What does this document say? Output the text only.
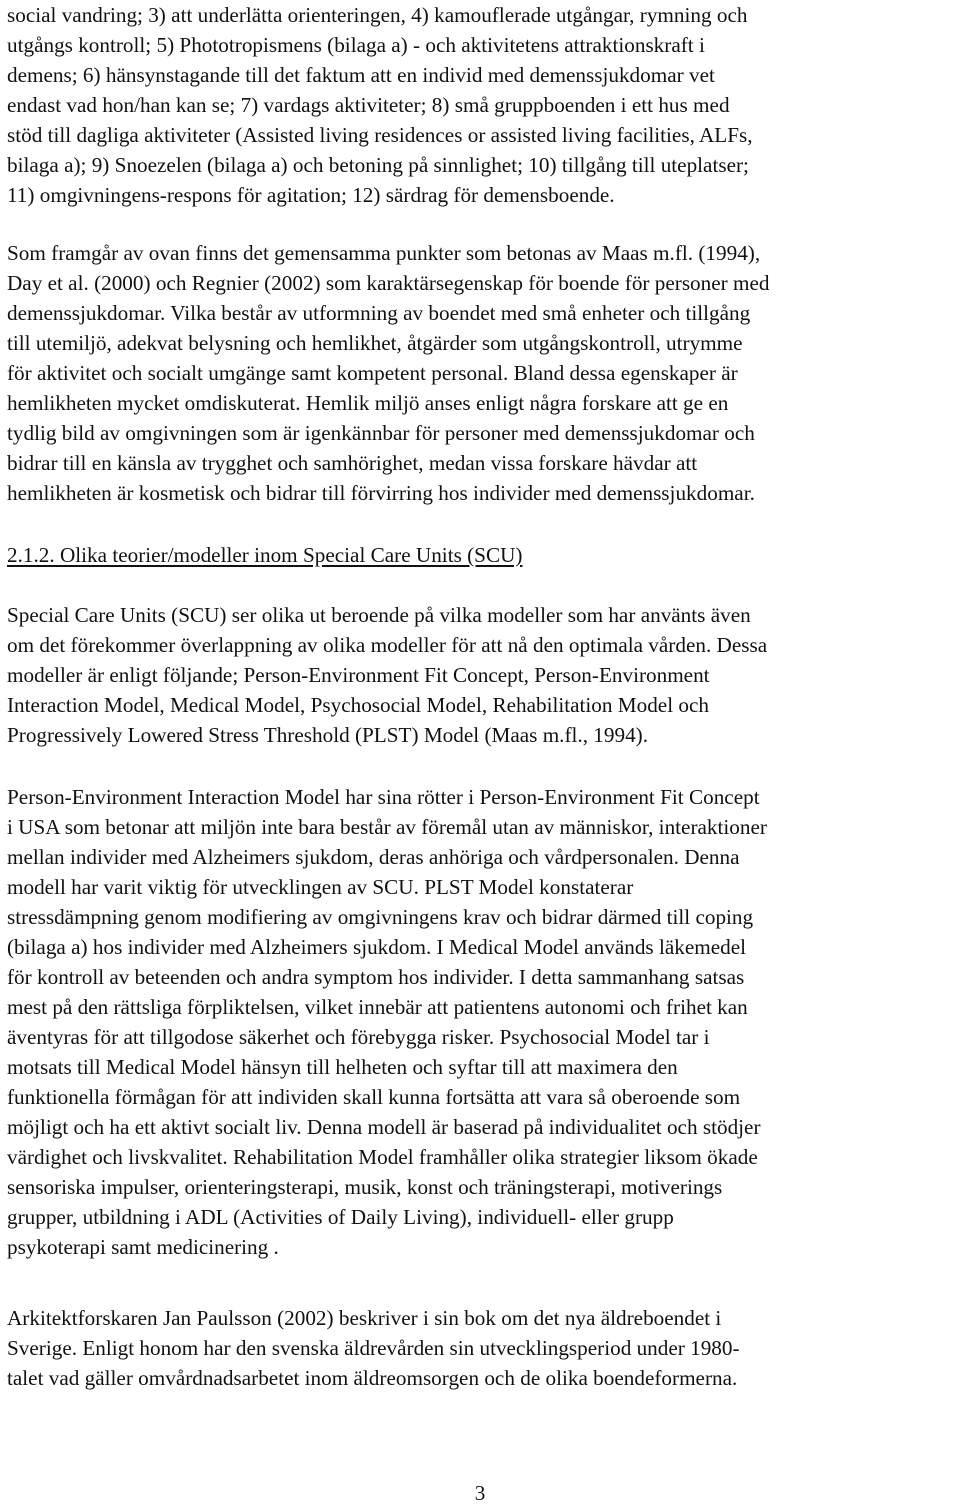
social vandring; 3) att underlätta orienteringen, 4) kamouflerade utgångar, rymning och
utgångs kontroll; 5) Phototropismens (bilaga a) - och aktivitetens attraktionskraft i
demens; 6) hänsynstagande till det faktum att en individ med demenssjukdomar vet
endast vad hon/han kan se; 7) vardags aktiviteter; 8) små gruppboenden i ett hus med
stöd till dagliga aktiviteter (Assisted living residences or assisted living facilities, ALFs,
bilaga a); 9) Snoezelen (bilaga a) och betoning på sinnlighet; 10) tillgång till uteplatser;
11) omgivningens-respons för agitation; 12) särdrag för demensboende.
Som framgår av ovan finns det gemensamma punkter som betonas av Maas m.fl. (1994),
Day et al. (2000) och Regnier (2002) som karaktärsegenskap för boende för personer med
demenssjukdomar. Vilka består av utformning av boendet med små enheter och tillgång
till utemiljö, adekvat belysning och hemlikhet, åtgärder som utgångskontroll, utrymme
för aktivitet och socialt umgänge samt kompetent personal. Bland dessa egenskaper är
hemlikheten mycket omdiskuterat. Hemlik miljö anses enligt några forskare att ge en
tydlig bild av omgivningen som är igenkännbar för personer med demenssjukdomar och
bidrar till en känsla av trygghet och samhörighet, medan vissa forskare hävdar att
hemlikheten är kosmetisk och bidrar till förvirring hos individer med demenssjukdomar.
2.1.2. Olika teorier/modeller inom Special Care Units (SCU)
Special Care Units (SCU) ser olika ut beroende på vilka modeller som har använts även
om det förekommer överlappning av olika modeller för att nå den optimala vården. Dessa
modeller är enligt följande; Person-Environment Fit Concept, Person-Environment
Interaction Model, Medical Model, Psychosocial Model, Rehabilitation Model och
Progressively Lowered Stress Threshold (PLST) Model (Maas m.fl., 1994).
Person-Environment Interaction Model har sina rötter i Person-Environment Fit Concept
i USA som betonar att miljön inte bara består av föremål utan av människor, interaktioner
mellan individer med Alzheimers sjukdom, deras anhöriga och vårdpersonalen. Denna
modell har varit viktig för utvecklingen av SCU. PLST Model konstaterar
stressdämpning genom modifiering av omgivningens krav och bidrar därmed till coping
(bilaga a) hos individer med Alzheimers sjukdom. I Medical Model används läkemedel
för kontroll av beteenden och andra symptom hos individer. I detta sammanhang satsas
mest på den rättsliga förpliktelsen, vilket innebär att patientens autonomi och frihet kan
äventyras för att tillgodose säkerhet och förebygga risker. Psychosocial Model tar i
motsats till Medical Model hänsyn till helheten och syftar till att maximera den
funktionella förmågan för att individen skall kunna fortsätta att vara så oberoende som
möjligt och ha ett aktivt socialt liv. Denna modell är baserad på individualitet och stödjer
värdighet och livskvalitet. Rehabilitation Model framhåller olika strategier liksom ökade
sensoriska impulser, orienteringsterapi, musik, konst och träningsterapi, motiverings
grupper, utbildning i ADL (Activities of Daily Living), individuell- eller grupp
psykoterapi samt medicinering .
Arkitektforskaren Jan Paulsson (2002) beskriver i sin bok om det nya äldreboendet i
Sverige. Enligt honom har den svenska äldrevården sin utvecklingsperiod under 1980-
talet vad gäller omvårdnadsarbetet inom äldreomsorgen och de olika boendeformerna.
3
